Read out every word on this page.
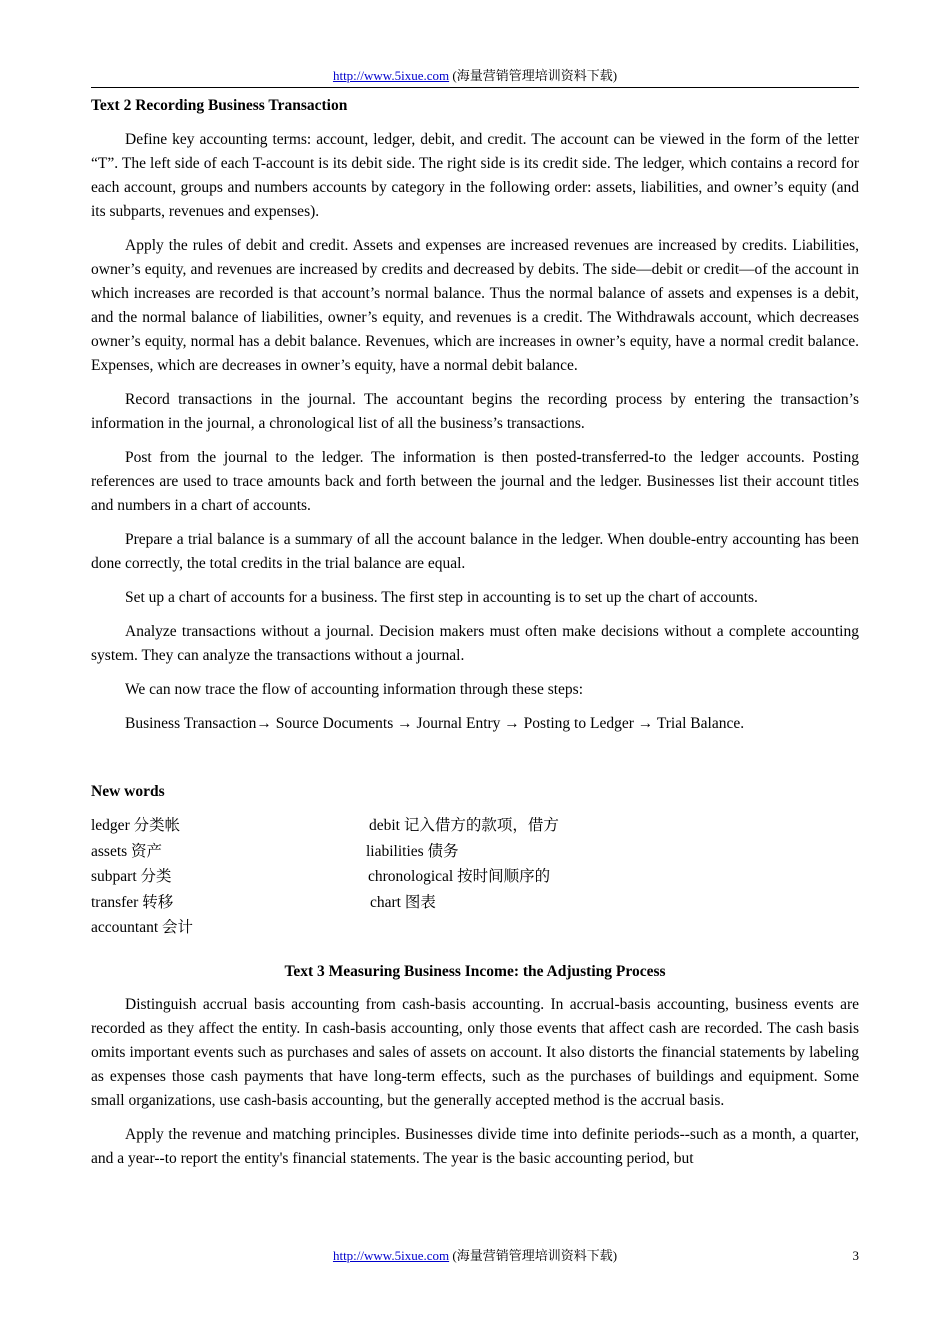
http://www.5ixue.com (海量营销管理培训资料下载)
Text 2 Recording Business Transaction

Define key accounting terms: account, ledger, debit, and credit. The account can be viewed in the form of the letter “T”. The left side of each T-account is its debit side. The right side is its credit side. The ledger, which contains a record for each account, groups and numbers accounts by category in the following order: assets, liabilities, and owner’s equity (and its subparts, revenues and expenses).

Apply the rules of debit and credit. Assets and expenses are increased revenues are increased by credits. Liabilities, owner’s equity, and revenues are increased by credits and decreased by debits. The side—debit or credit—of the account in which increases are recorded is that account’s normal balance. Thus the normal balance of assets and expenses is a debit, and the normal balance of liabilities, owner’s equity, and revenues is a credit. The Withdrawals account, which decreases owner’s equity, normal has a debit balance. Revenues, which are increases in owner’s equity, have a normal credit balance. Expenses, which are decreases in owner’s equity, have a normal debit balance.

Record transactions in the journal. The accountant begins the recording process by entering the transaction’s information in the journal, a chronological list of all the business’s transactions.

Post from the journal to the ledger. The information is then posted-transferred-to the ledger accounts. Posting references are used to trace amounts back and forth between the journal and the ledger. Businesses list their account titles and numbers in a chart of accounts.

Prepare a trial balance is a summary of all the account balance in the ledger. When double-entry accounting has been done correctly, the total credits in the trial balance are equal.

Set up a chart of accounts for a business. The first step in accounting is to set up the chart of accounts.

Analyze transactions without a journal. Decision makers must often make decisions without a complete accounting system. They can analyze the transactions without a journal.

We can now trace the flow of accounting information through these steps:

Business Transaction→ Source Documents → Journal Entry → Posting to Ledger → Trial Balance.

New words
ledger 分类帐	debit 记入借方的款项，借方
assets 资产	liabilities 债务
subpart 分类	chronological 按时间顺序的
transfer 转移	chart 图表
accountant 会计
Text 3 Measuring Business Income: the Adjusting Process

Distinguish accrual basis accounting from cash-basis accounting. In accrual-basis accounting, business events are recorded as they affect the entity. In cash-basis accounting, only those events that affect cash are recorded. The cash basis omits important events such as purchases and sales of assets on account. It also distorts the financial statements by labeling as expenses those cash payments that have long-term effects, such as the purchases of buildings and equipment. Some small organizations, use cash-basis accounting, but the generally accepted method is the accrual basis.

Apply the revenue and matching principles. Businesses divide time into definite periods--such as a month, a quarter, and a year--to report the entity's financial statements. The year is the basic accounting period, but

http://www.5ixue.com (海量营销管理培训资料下载)	3
